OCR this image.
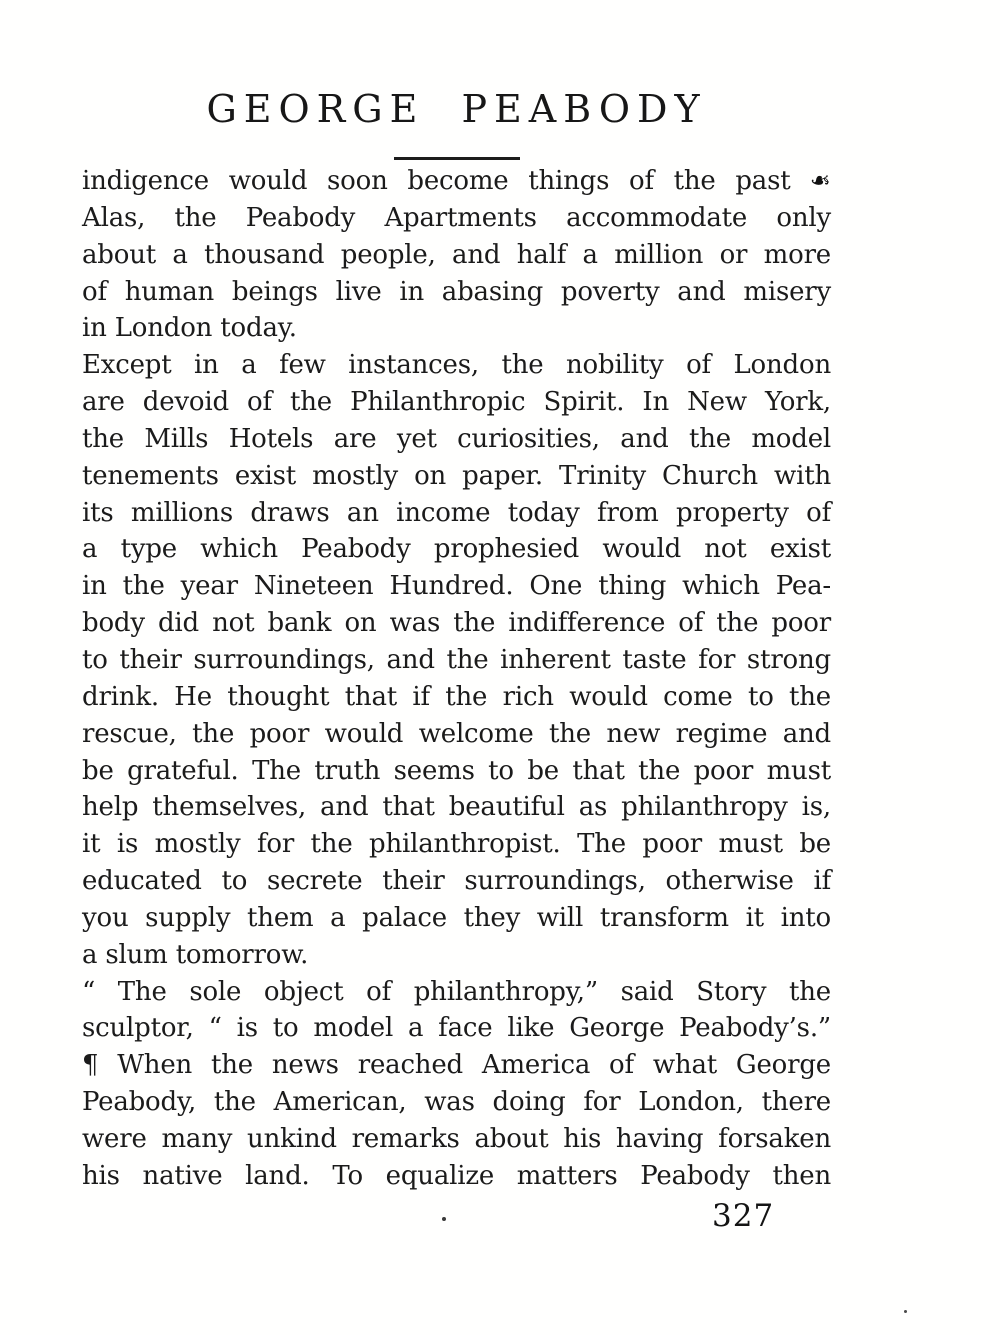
GEORGE PEABODY
indigence would soon become things of the past ❧
Alas, the Peabody Apartments accommodate only
about a thousand people, and half a million or more
of human beings live in abasing poverty and misery
in London today.
Except in a few instances, the nobility of London
are devoid of the Philanthropic Spirit. In New York,
the Mills Hotels are yet curiosities, and the model
tenements exist mostly on paper. Trinity Church with
its millions draws an income today from property of
a type which Peabody prophesied would not exist
in the year Nineteen Hundred. One thing which Pea-
body did not bank on was the indifference of the poor
to their surroundings, and the inherent taste for strong
drink. He thought that if the rich would come to the
rescue, the poor would welcome the new regime and
be grateful. The truth seems to be that the poor must
help themselves, and that beautiful as philanthropy is,
it is mostly for the philanthropist. The poor must be
educated to secrete their surroundings, otherwise if
you supply them a palace they will transform it into
a slum tomorrow.
“ The sole object of philanthropy,” said Story the
sculptor, “ is to model a face like George Peabody’s.”
¶ When the news reached America of what George
Peabody, the American, was doing for London, there
were many unkind remarks about his having forsaken
his native land. To equalize matters Peabody then
327
